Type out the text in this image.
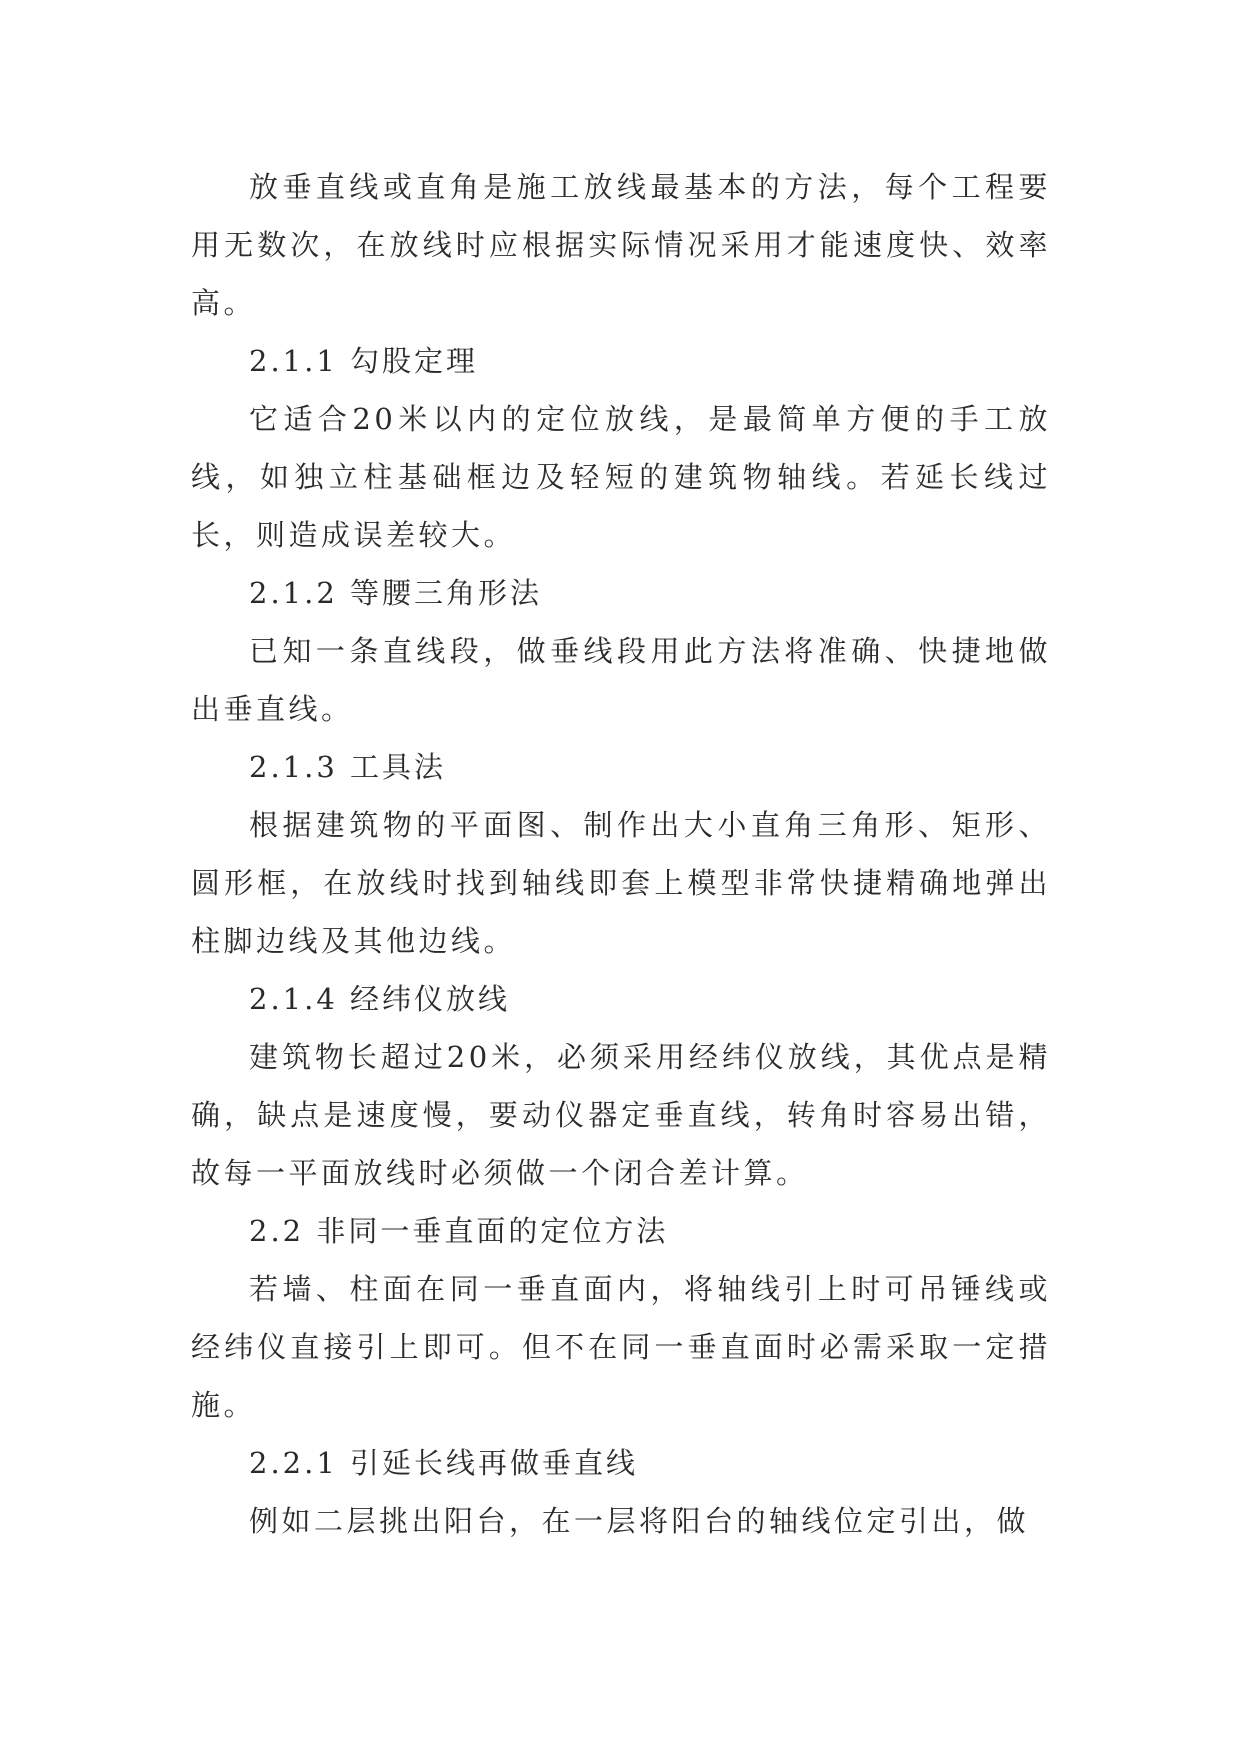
放垂直线或直角是施工放线最基本的方法，每个工程要用无数次，在放线时应根据实际情况采用才能速度快、效率高。

2.1.1 勾股定理

它适合20米以内的定位放线，是最简单方便的手工放线，如独立柱基础框边及轻短的建筑物轴线。若延长线过长，则造成误差较大。

2.1.2 等腰三角形法

已知一条直线段，做垂线段用此方法将准确、快捷地做出垂直线。

2.1.3 工具法

根据建筑物的平面图、制作出大小直角三角形、矩形、圆形框，在放线时找到轴线即套上模型非常快捷精确地弹出柱脚边线及其他边线。

2.1.4 经纬仪放线

建筑物长超过20米，必须采用经纬仪放线，其优点是精确，缺点是速度慢，要动仪器定垂直线，转角时容易出错，故每一平面放线时必须做一个闭合差计算。

2.2 非同一垂直面的定位方法

若墙、柱面在同一垂直面内，将轴线引上时可吊锤线或经纬仪直接引上即可。但不在同一垂直面时必需采取一定措施。

2.2.1 引延长线再做垂直线

例如二层挑出阳台，在一层将阳台的轴线位定引出，做
